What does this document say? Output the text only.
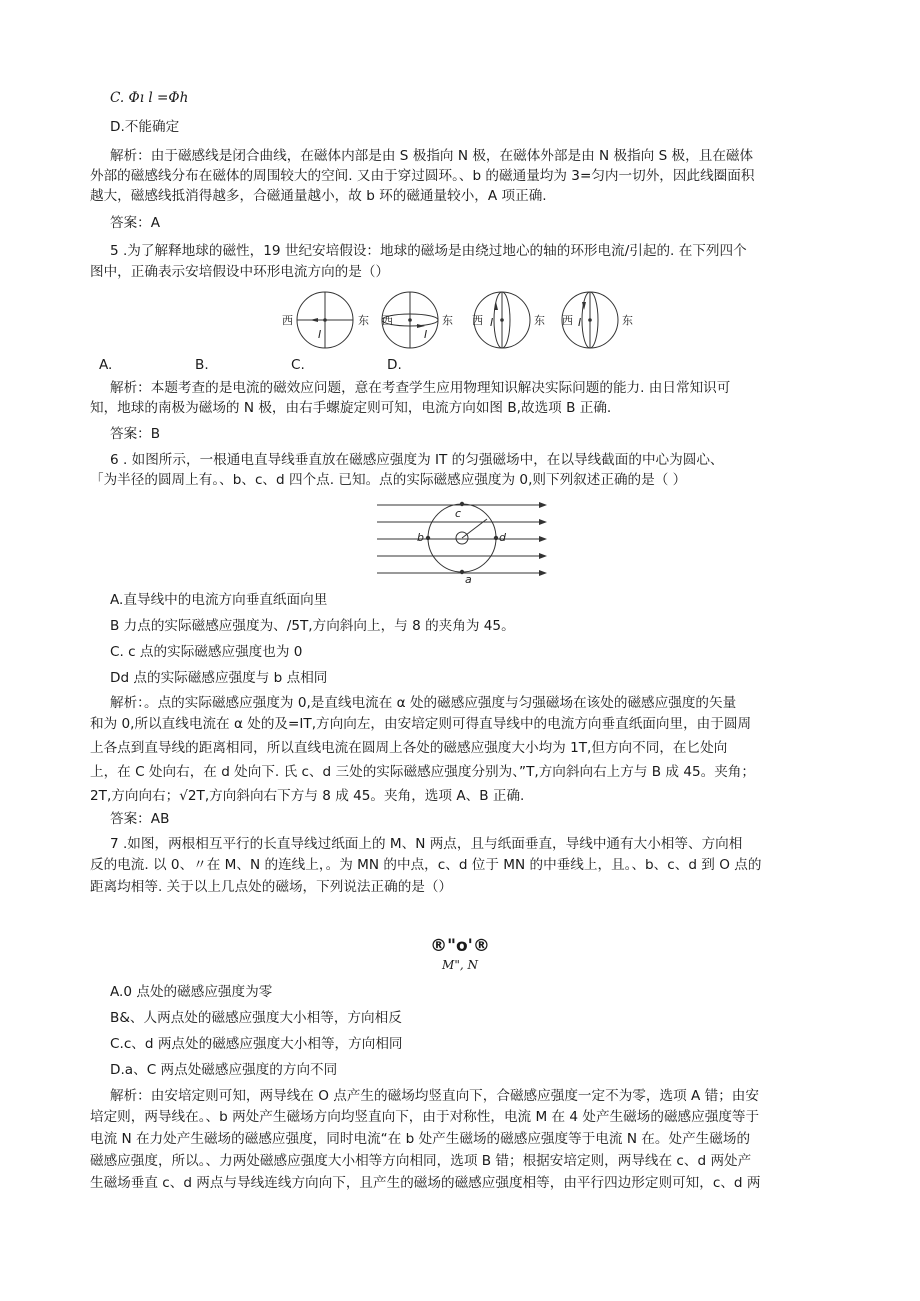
C. Φı l =Φh
D.不能确定
解析：由于磁感线是闭合曲线，在磁体内部是由 S 极指向 N 极，在磁体外部是由 N 极指向 S 极，且在磁体
外部的磁感线分布在磁体的周围较大的空间. 又由于穿过圆环。、b 的磁通量均为 3=匀内一切外，因此线圈面积
越大，磁感线抵消得越多，合磁通量越小，故 b 环的磁通量较小，A 项正确.
答案：A
5 .为了解释地球的磁性，19 世纪安培假设：地球的磁场是由绕过地心的轴的环形电流/引起的. 在下列四个
图中，正确表示安培假设中环形电流方向的是（）
西	东 西	东 西	东 西	东
I	I
I	I
A.	B.	C.	D.
解析：本题考查的是电流的磁效应问题，意在考查学生应用物理知识解决实际问题的能力. 由日常知识可
知，地球的南极为磁场的 N 极，由右手螺旋定则可知，电流方向如图 B,故选项 B 正确.
答案：B
6 . 如图所示，一根通电直导线垂直放在磁感应强度为 IT 的匀强磁场中，在以导线截面的中心为圆心、
「为半径的圆周上有。、b、c、d 四个点. 已知。点的实际磁感应强度为 0,则下列叙述正确的是（ ）
c
b	d
a
A.直导线中的电流方向垂直纸面向里
B 力点的实际磁感应强度为、/5T,方向斜向上，与 8 的夹角为 45。
C. c 点的实际磁感应强度也为 0
Dd 点的实际磁感应强度与 b 点相同
解析：。点的实际磁感应强度为 0,是直线电流在 α 处的磁感应强度与匀强磁场在该处的磁感应强度的矢量
和为 0,所以直线电流在 α 处的及=IT,方向向左，由安培定则可得直导线中的电流方向垂直纸面向里，由于圆周
上各点到直导线的距离相同，所以直线电流在圆周上各处的磁感应强度大小均为 1T,但方向不同，在匕处向
上，在 C 处向右，在 d 处向下. 氏 c、d 三处的实际磁感应强度分别为、”T,方向斜向右上方与 B 成 45。夹角；
2T,方向向右；√2T,方向斜向右下方与 8 成 45。夹角，选项 A、B 正确.
答案：AB
7 .如图，两根相互平行的长直导线过纸面上的 M、N 两点，且与纸面垂直，导线中通有大小相等、方向相
反的电流. 以 0、〃在 M、N 的连线上，。为 MN 的中点，c、d 位于 MN 的中垂线上，且。、b、c、d 到 O 点的
距离均相等. 关于以上几点处的磁场，下列说法正确的是（）
®"o'®
M", N
A.0 点处的磁感应强度为零
B&、人两点处的磁感应强度大小相等，方向相反
C.c、d 两点处的磁感应强度大小相等，方向相同
D.a、C 两点处磁感应强度的方向不同
解析：由安培定则可知，两导线在 O 点产生的磁场均竖直向下，合磁感应强度一定不为零，选项 A 错；由安
培定则，两导线在。、b 两处产生磁场方向均竖直向下，由于对称性，电流 M 在 4 处产生磁场的磁感应强度等于
电流 N 在力处产生磁场的磁感应强度，同时电流“在 b 处产生磁场的磁感应强度等于电流 N 在。处产生磁场的
磁感应强度，所以。、力两处磁感应强度大小相等方向相同，选项 B 错；根据安培定则，两导线在 c、d 两处产
生磁场垂直 c、d 两点与导线连线方向向下，且产生的磁场的磁感应强度相等，由平行四边形定则可知，c、d 两
